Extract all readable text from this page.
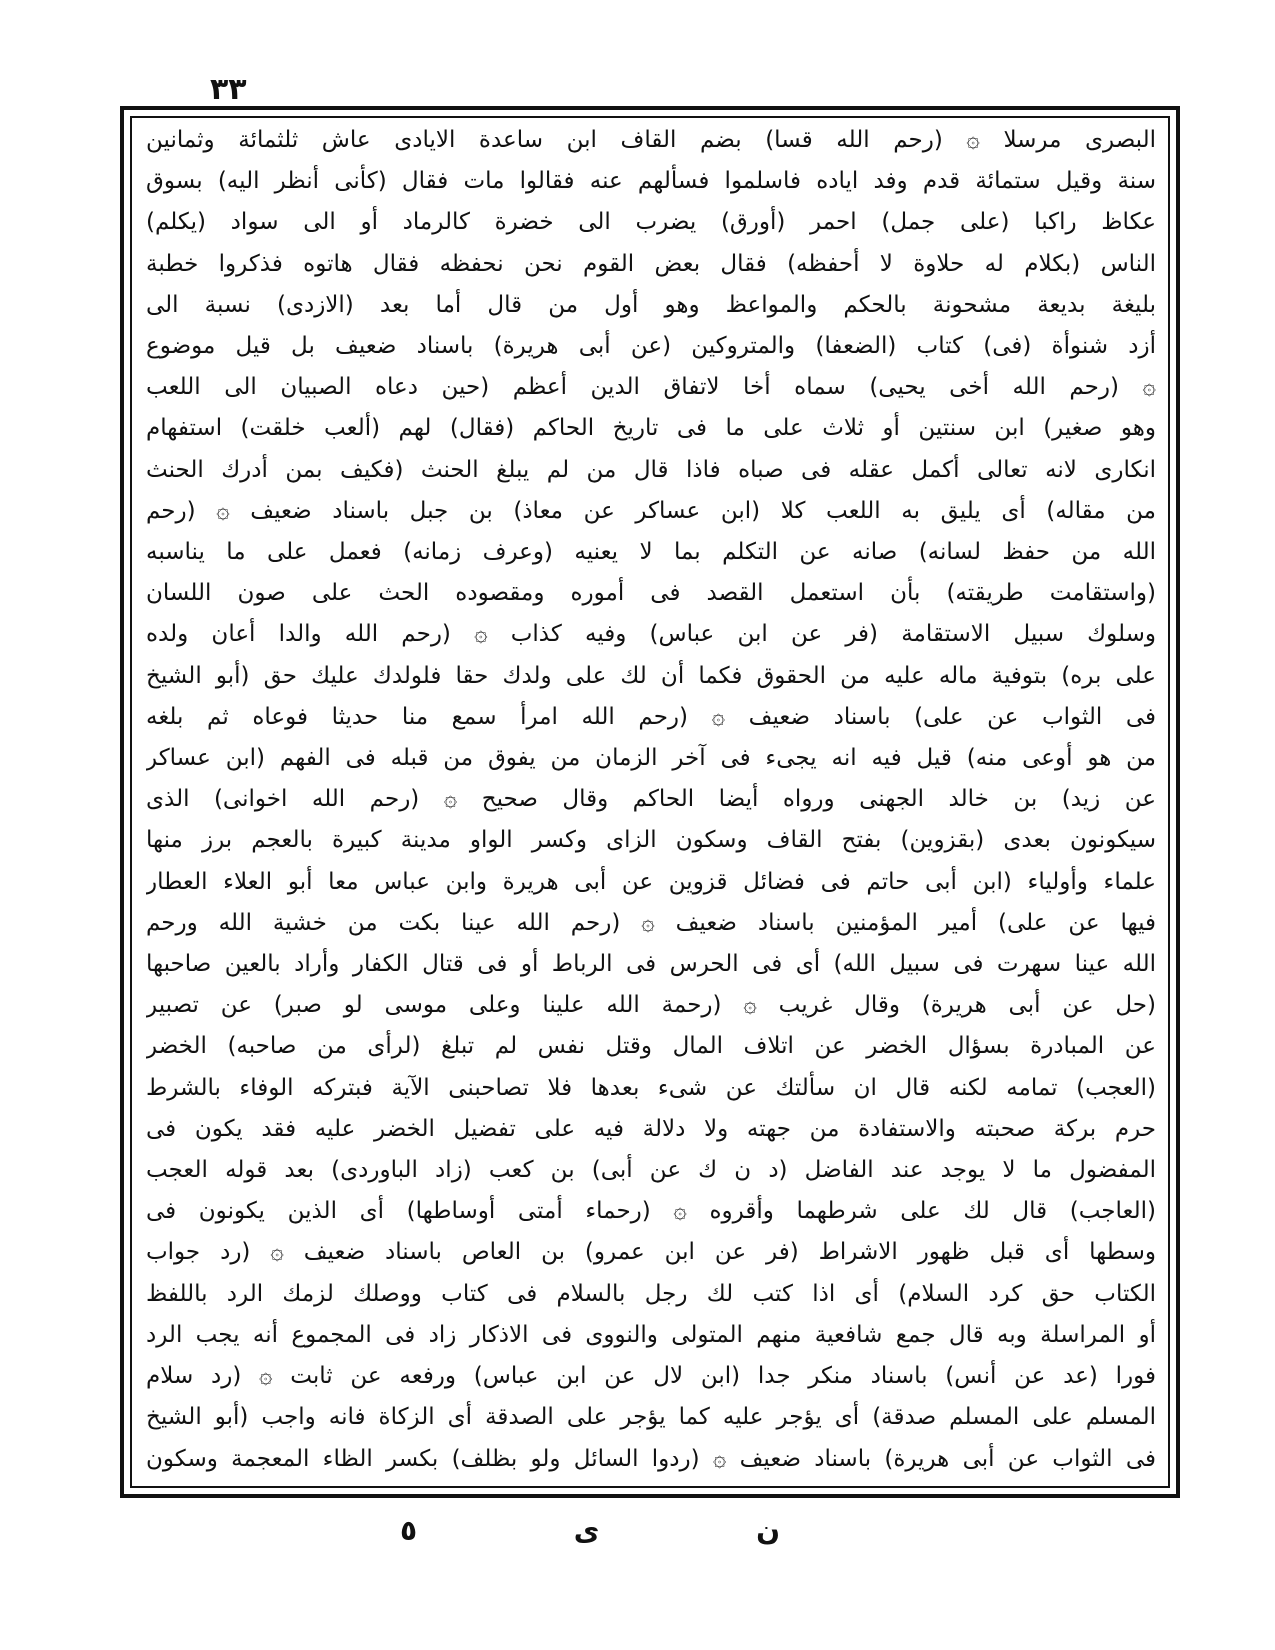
٣٣
البصرى مرسلا ۞ (رحم الله قسا) بضم القاف ابن ساعدة الايادى عاش ثلثمائة وثمانين
سنة وقيل ستمائة قدم وفد اياده فاسلموا فسألهم عنه فقالوا مات فقال (كأنى أنظر اليه) بسوق
عكاظ راكبا (على جمل) احمر (أورق) يضرب الى خضرة كالرماد أو الى سواد (يكلم)
الناس (بكلام له حلاوة لا أحفظه) فقال بعض القوم نحن نحفظه فقال هاتوه فذكروا خطبة
بليغة بديعة مشحونة بالحكم والمواعظ وهو أول من قال أما بعد (الازدى) نسبة الى
أزد شنوأة (فى) كتاب (الضعفا) والمتروكين (عن أبى هريرة) باسناد ضعيف بل قيل موضوع
۞ (رحم الله أخى يحيى) سماه أخا لاتفاق الدين أعظم (حين دعاه الصبيان الى اللعب
وهو صغير) ابن سنتين أو ثلاث على ما فى تاريخ الحاكم (فقال) لهم (ألعب خلقت) استفهام
انكارى لانه تعالى أكمل عقله فى صباه فاذا قال من لم يبلغ الحنث (فكيف بمن أدرك الحنث
من مقاله) أى يليق به اللعب كلا (ابن عساكر عن معاذ) بن جبل باسناد ضعيف ۞ (رحم
الله من حفظ لسانه) صانه عن التكلم بما لا يعنيه (وعرف زمانه) فعمل على ما يناسبه
(واستقامت طريقته) بأن استعمل القصد فى أموره ومقصوده الحث على صون اللسان
وسلوك سبيل الاستقامة (فر عن ابن عباس) وفيه كذاب ۞ (رحم الله والدا أعان ولده
على بره) بتوفية ماله عليه من الحقوق فكما أن لك على ولدك حقا فلولدك عليك حق (أبو الشيخ
فى الثواب عن على) باسناد ضعيف ۞ (رحم الله امرأ سمع منا حديثا فوعاه ثم بلغه
من هو أوعى منه) قيل فيه انه يجىء فى آخر الزمان من يفوق من قبله فى الفهم (ابن عساكر
عن زيد) بن خالد الجهنى ورواه أيضا الحاكم وقال صحيح ۞ (رحم الله اخوانى) الذى
سيكونون بعدى (بقزوين) بفتح القاف وسكون الزاى وكسر الواو مدينة كبيرة بالعجم برز منها
علماء وأولياء (ابن أبى حاتم فى فضائل قزوين عن أبى هريرة وابن عباس معا أبو العلاء العطار
فيها عن على) أمير المؤمنين باسناد ضعيف ۞ (رحم الله عينا بكت من خشية الله ورحم
الله عينا سهرت فى سبيل الله) أى فى الحرس فى الرباط أو فى قتال الكفار وأراد بالعين صاحبها
(حل عن أبى هريرة) وقال غريب ۞ (رحمة الله علينا وعلى موسى لو صبر) عن تصبير
عن المبادرة بسؤال الخضر عن اتلاف المال وقتل نفس لم تبلغ (لرأى من صاحبه) الخضر
(العجب) تمامه لكنه قال ان سألتك عن شىء بعدها فلا تصاحبنى الآية فبتركه الوفاء بالشرط
حرم بركة صحبته والاستفادة من جهته ولا دلالة فيه على تفضيل الخضر عليه فقد يكون فى
المفضول ما لا يوجد عند الفاضل (د ن ك عن أبى) بن كعب (زاد الباوردى) بعد قوله العجب
(العاجب) قال لك على شرطهما وأقروه ۞ (رحماء أمتى أوساطها) أى الذين يكونون فى
وسطها أى قبل ظهور الاشراط (فر عن ابن عمرو) بن العاص باسناد ضعيف ۞ (رد جواب
الكتاب حق كرد السلام) أى اذا كتب لك رجل بالسلام فى كتاب ووصلك لزمك الرد باللفظ
أو المراسلة وبه قال جمع شافعية منهم المتولى والنووى فى الاذكار زاد فى المجموع أنه يجب الرد
فورا (عد عن أنس) باسناد منكر جدا (ابن لال عن ابن عباس) ورفعه عن ثابت ۞ (رد سلام
المسلم على المسلم صدقة) أى يؤجر عليه كما يؤجر على الصدقة أى الزكاة فانه واجب (أبو الشيخ
فى الثواب عن أبى هريرة) باسناد ضعيف ۞ (ردوا السائل ولو بظلف) بكسر الظاء المعجمة وسكون
ن
ى
٥
